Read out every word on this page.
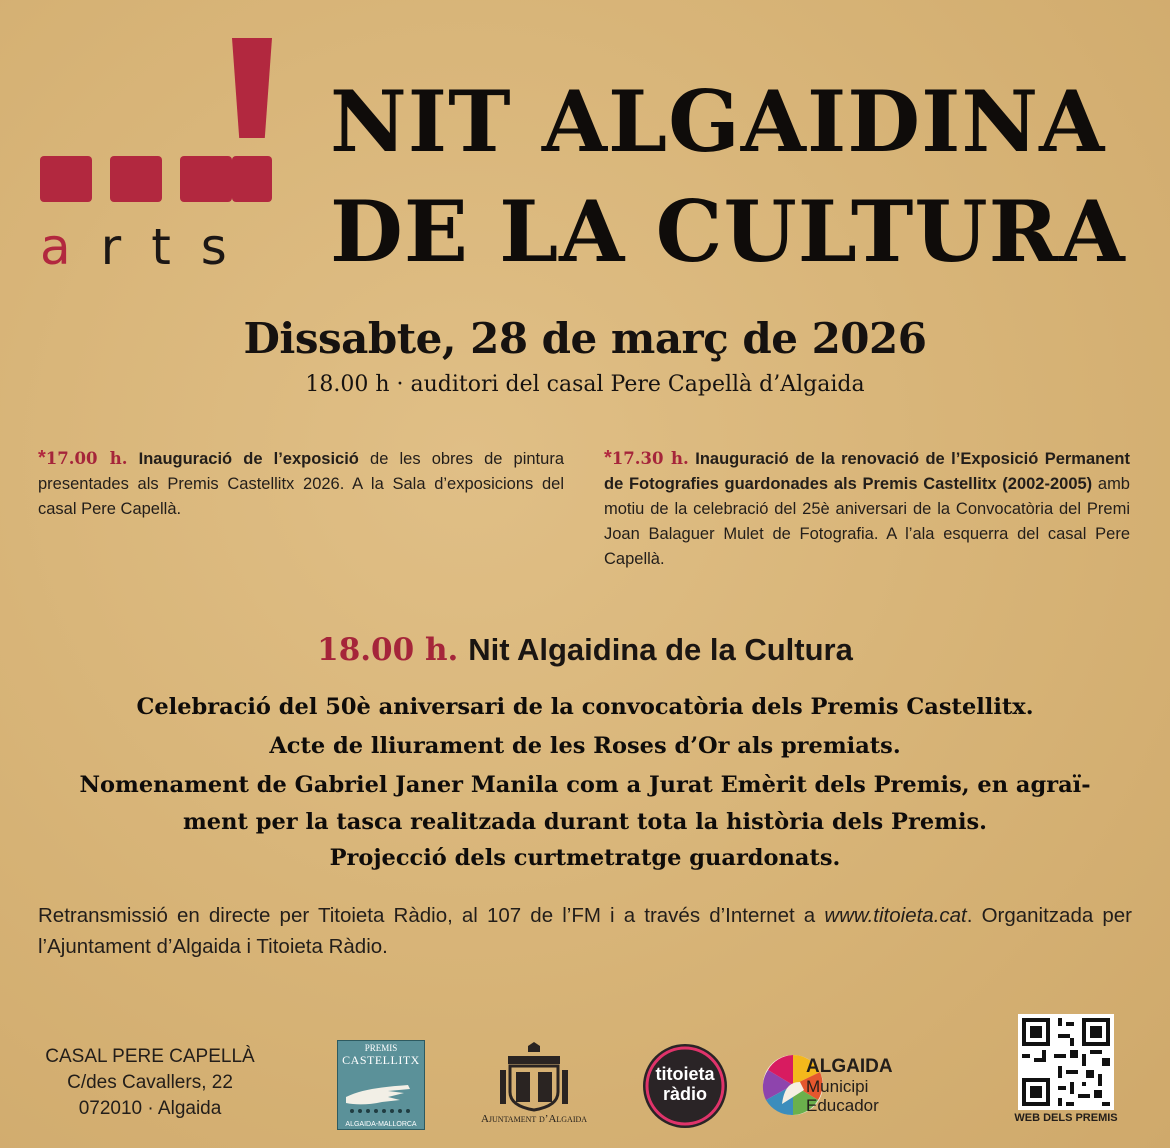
arts
NIT ALGAIDINA
DE LA CULTURA
Dissabte, 28 de març de 2026
18.00 h · auditori del casal Pere Capellà d’Algaida
*17.00 h. Inauguració de l’exposició de les obres de pintura presentades als Premis Castellitx 2026. A la Sala d’exposicions del casal Pere Capellà.
*17.30 h. Inauguració de la renovació de l’Exposició Permanent de Fotografies guardonades als Premis Castellitx (2002-2005) amb motiu de la celebració del 25è aniversari de la Convocatòria del Premi Joan Balaguer Mulet de Fotografia. A l’ala esquerra del casal Pere Capellà.
18.00 h. Nit Algaidina de la Cultura
Celebració del 50è aniversari de la convocatòria dels Premis Castellitx.
Acte de lliurament de les Roses d’Or als premiats.
Nomenament de Gabriel Janer Manila com a Jurat Emèrit dels Premis, en agraï-
ment per la tasca realitzada durant tota la història dels Premis.
Projecció dels curtmetratge guardonats.
Retransmissió en directe per Titoieta Ràdio, al 107 de l’FM i a través d’Internet a www.titoieta.cat. Organitzada per l’Ajuntament d’Algaida i Titoieta Ràdio.
CASAL PERE CAPELLÀ
C/des Cavallers, 22
072010 · Algaida
PREMIS
CASTELLITX
ALGAIDA-MALLORCA	Ajuntament d’Algaida
titoieta
ràdio
ALGAIDA
Municipi
Educador
WEB DELS PREMIS
